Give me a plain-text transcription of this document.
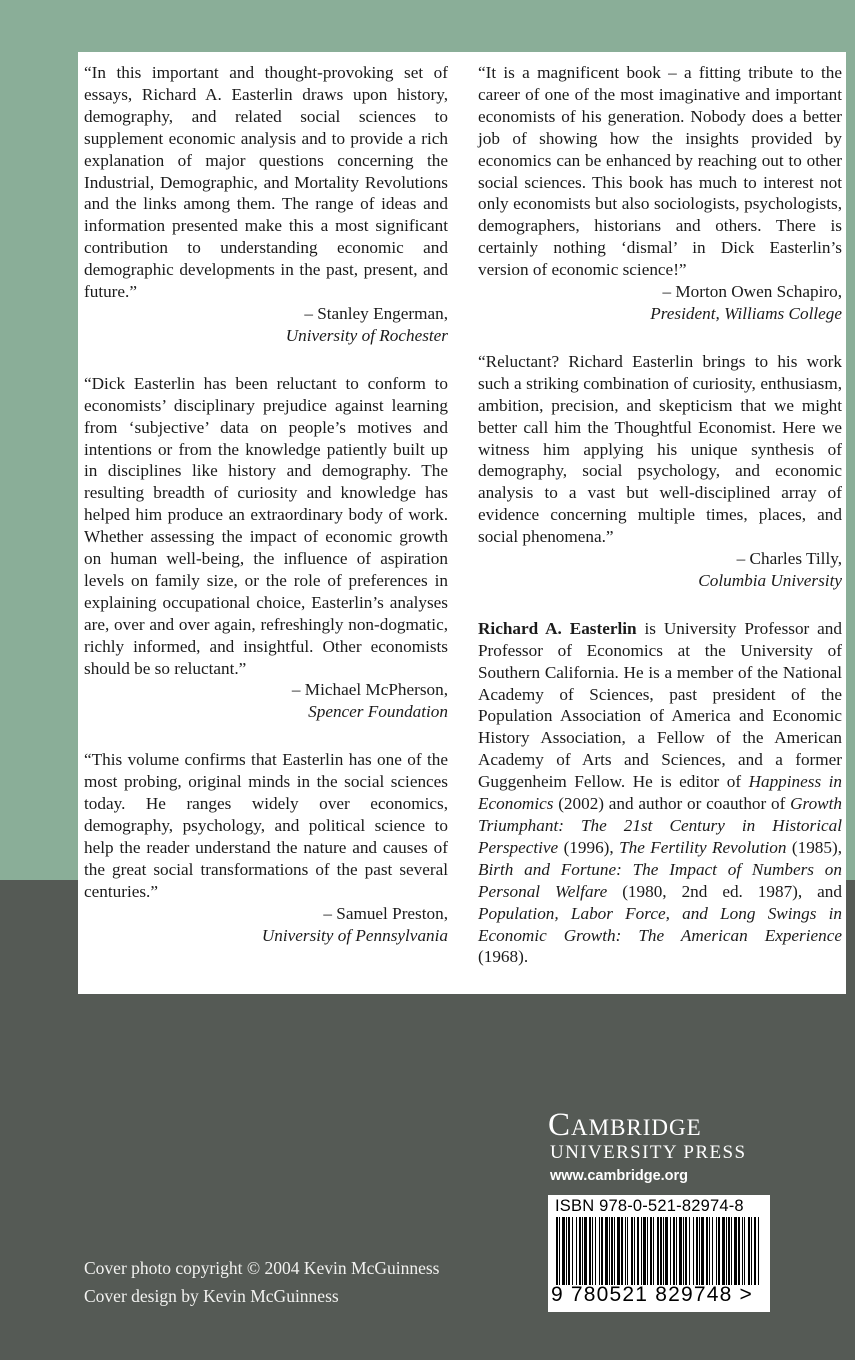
“In this important and thought-provoking set of essays, Richard A. Easterlin draws upon history, demography, and related social sciences to supplement economic analysis and to provide a rich explanation of major questions concerning the Industrial, Demographic, and Mortality Revolutions and the links among them. The range of ideas and information presented make this a most significant contribution to understanding economic and demographic developments in the past, present, and future.”

– Stanley Engerman,

University of Rochester

“Dick Easterlin has been reluctant to conform to economists’ disciplinary prejudice against learning from ‘subjective’ data on people’s motives and intentions or from the knowledge patiently built up in disciplines like history and demography. The resulting breadth of curiosity and knowledge has helped him produce an extraordinary body of work. Whether assessing the impact of economic growth on human well-being, the influence of aspiration levels on family size, or the role of preferences in explaining occupational choice, Easterlin’s analyses are, over and over again, refreshingly non-dogmatic, richly informed, and insightful. Other economists should be so reluctant.”

– Michael McPherson,

Spencer Foundation

“This volume confirms that Easterlin has one of the most probing, original minds in the social sciences today. He ranges widely over economics, demography, psychology, and political science to help the reader understand the nature and causes of the great social transformations of the past several centuries.”

– Samuel Preston,

University of Pennsylvania

“It is a magnificent book – a fitting tribute to the career of one of the most imaginative and important economists of his generation. Nobody does a better job of showing how the insights provided by economics can be enhanced by reaching out to other social sciences. This book has much to interest not only economists but also sociologists, psychologists, demographers, historians and others. There is certainly nothing ‘dismal’ in Dick Easterlin’s version of economic science!”

– Morton Owen Schapiro,

President, Williams College

“Reluctant? Richard Easterlin brings to his work such a striking combination of curiosity, enthusiasm, ambition, precision, and skepticism that we might better call him the Thoughtful Economist. Here we witness him applying his unique synthesis of demography, social psychology, and economic analysis to a vast but well-disciplined array of evidence concerning multiple times, places, and social phenomena.”

– Charles Tilly,

Columbia University

Richard A. Easterlin is University Professor and Professor of Economics at the University of Southern California. He is a member of the National Academy of Sciences, past president of the Population Association of America and Economic History Association, a Fellow of the American Academy of Arts and Sciences, and a former Guggenheim Fellow. He is editor of Happiness in Economics (2002) and author or coauthor of Growth Triumphant: The 21st Century in Historical Perspective (1996), The Fertility Revolution (1985), Birth and Fortune: The Impact of Numbers on Personal Welfare (1980, 2nd ed. 1987), and Population, Labor Force, and Long Swings in Economic Growth: The American Experience (1968).

Cambridge
UNIVERSITY PRESS
www.cambridge.org
ISBN 978-0-521-82974-8
9 780521 829748 >
Cover photo copyright © 2004 Kevin McGuinness
Cover design by Kevin McGuinness
